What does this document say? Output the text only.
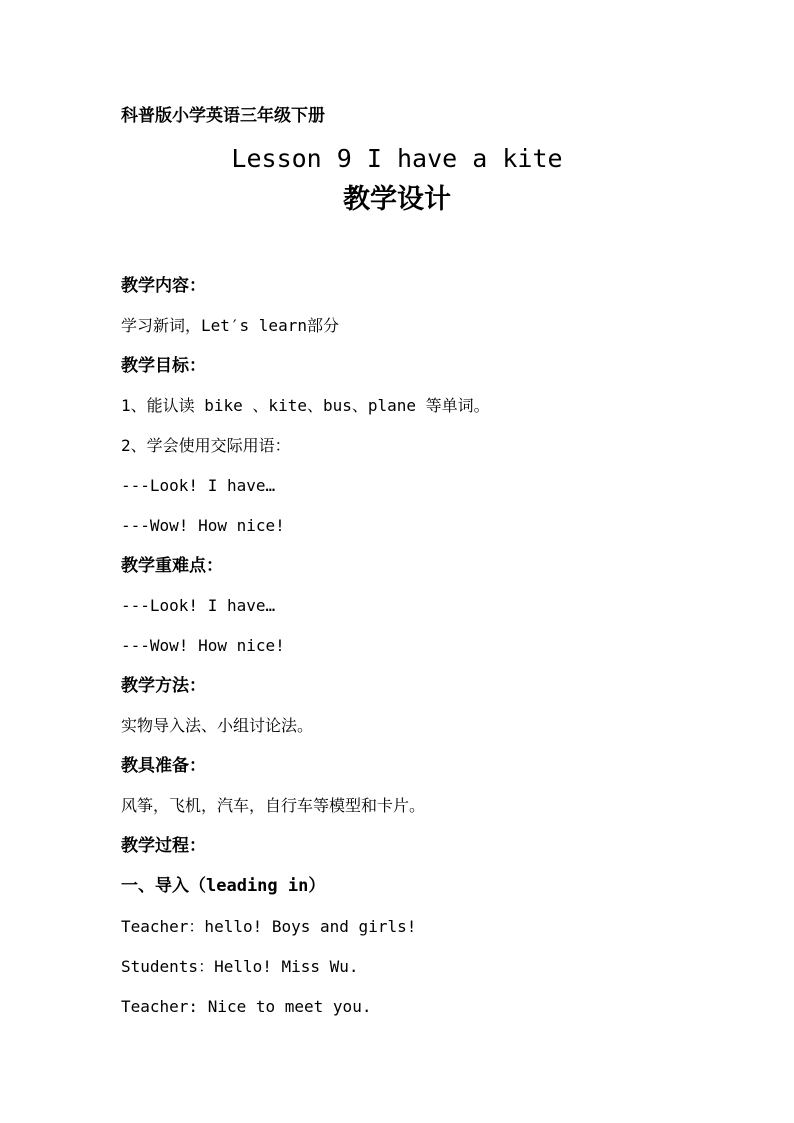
科普版小学英语三年级下册
Lesson 9 I have a kite
教学设计
教学内容：
学习新词，Let′s learn部分
教学目标：
1、能认读 bike 、kite、bus、plane 等单词。
2、学会使用交际用语：
---Look! I have…
---Wow! How nice!
教学重难点：
---Look! I have…
---Wow! How nice!
教学方法：
实物导入法、小组讨论法。
教具准备：
风筝，飞机，汽车，自行车等模型和卡片。
教学过程：
一、导入（leading in）
Teacher：hello! Boys and girls!
Students：Hello! Miss Wu.
Teacher: Nice to meet you.
